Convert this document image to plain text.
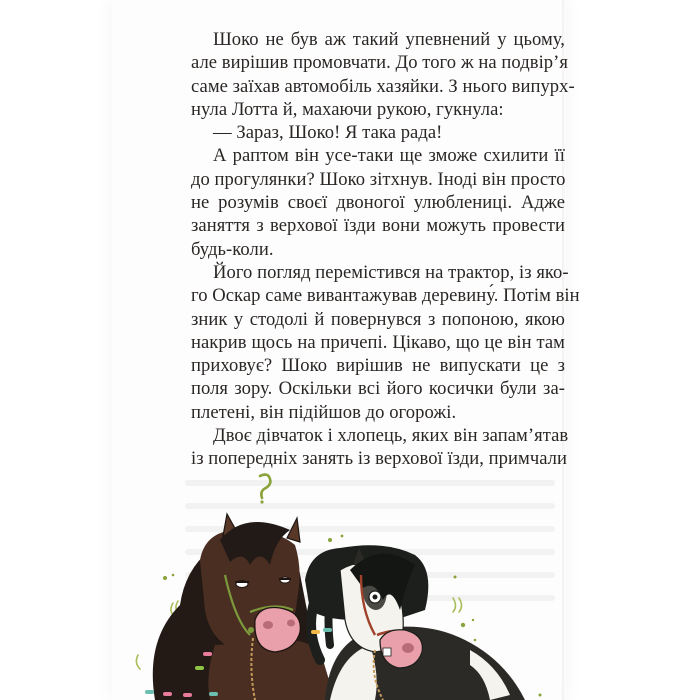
Шоко не був аж такий упевнений у цьому,
але вирішив промовчати. До того ж на подвір’я
саме заїхав автомобіль хазяйки. З нього випурх-
нула Лотта й, махаючи рукою, гукнула:

— Зараз, Шоко! Я така рада!

А раптом він усе-таки ще зможе схилити її
до прогулянки? Шоко зітхнув. Іноді він просто
не розумів своєї двоногої улюблениці. Адже
заняття з верхової їзди вони можуть провести
будь-коли.

Його погляд перемістився на трактор, із яко-
го Оскар саме вивантажував деревину́. Потім він
зник у стодолі й повернувся з попоною, якою
накрив щось на причепі. Цікаво, що це він там
приховує? Шоко вирішив не випускати це з
поля зору. Оскільки всі його косички були за-
плетені, він підійшов до огорожі.

Двоє дівчаток і хлопець, яких він запам’ятав
із попередніх занять із верхової їзди, примчали
